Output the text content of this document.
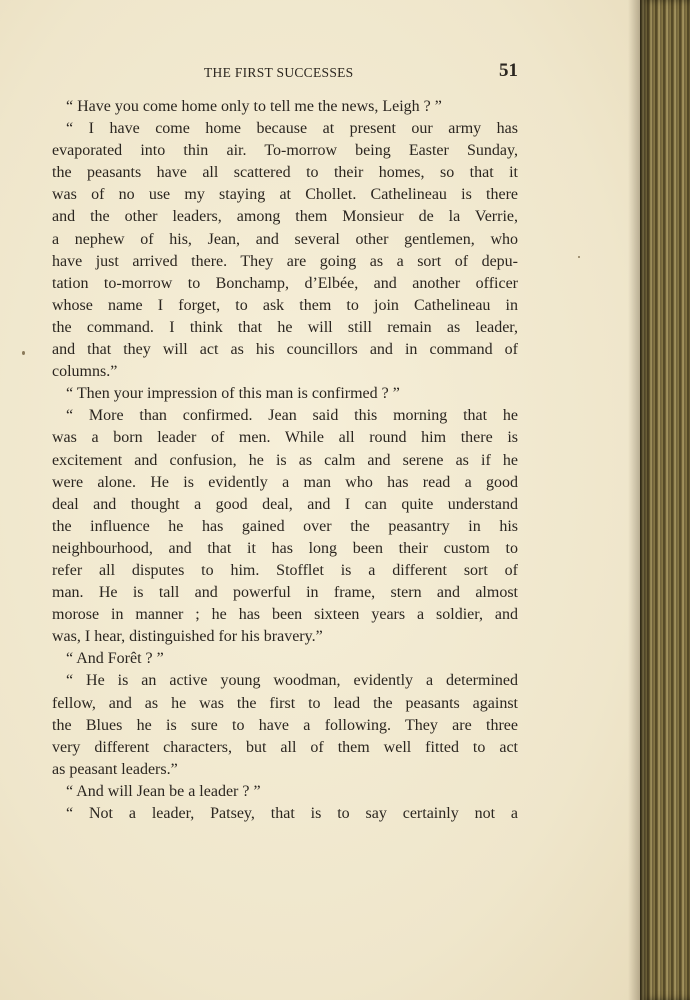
THE FIRST SUCCESSES	51
“ Have you come home only to tell me the news, Leigh ? ”
“ I have come home because at present our army has
evaporated into thin air. To-morrow being Easter Sunday,
the peasants have all scattered to their homes, so that it
was of no use my staying at Chollet. Cathelineau is there
and the other leaders, among them Monsieur de la Verrie,
a nephew of his, Jean, and several other gentlemen, who
have just arrived there. They are going as a sort of depu-
tation to-morrow to Bonchamp, d’Elbée, and another officer
whose name I forget, to ask them to join Cathelineau in
the command. I think that he will still remain as leader,
and that they will act as his councillors and in command of
columns.”
“ Then your impression of this man is confirmed ? ”
“ More than confirmed. Jean said this morning that he
was a born leader of men. While all round him there is
excitement and confusion, he is as calm and serene as if he
were alone. He is evidently a man who has read a good
deal and thought a good deal, and I can quite understand
the influence he has gained over the peasantry in his
neighbourhood, and that it has long been their custom to
refer all disputes to him. Stofflet is a different sort of
man. He is tall and powerful in frame, stern and almost
morose in manner ; he has been sixteen years a soldier, and
was, I hear, distinguished for his bravery.”
“ And Forêt ? ”
“ He is an active young woodman, evidently a determined
fellow, and as he was the first to lead the peasants against
the Blues he is sure to have a following. They are three
very different characters, but all of them well fitted to act
as peasant leaders.”
“ And will Jean be a leader ? ”
“ Not a leader, Patsey, that is to say certainly not a
